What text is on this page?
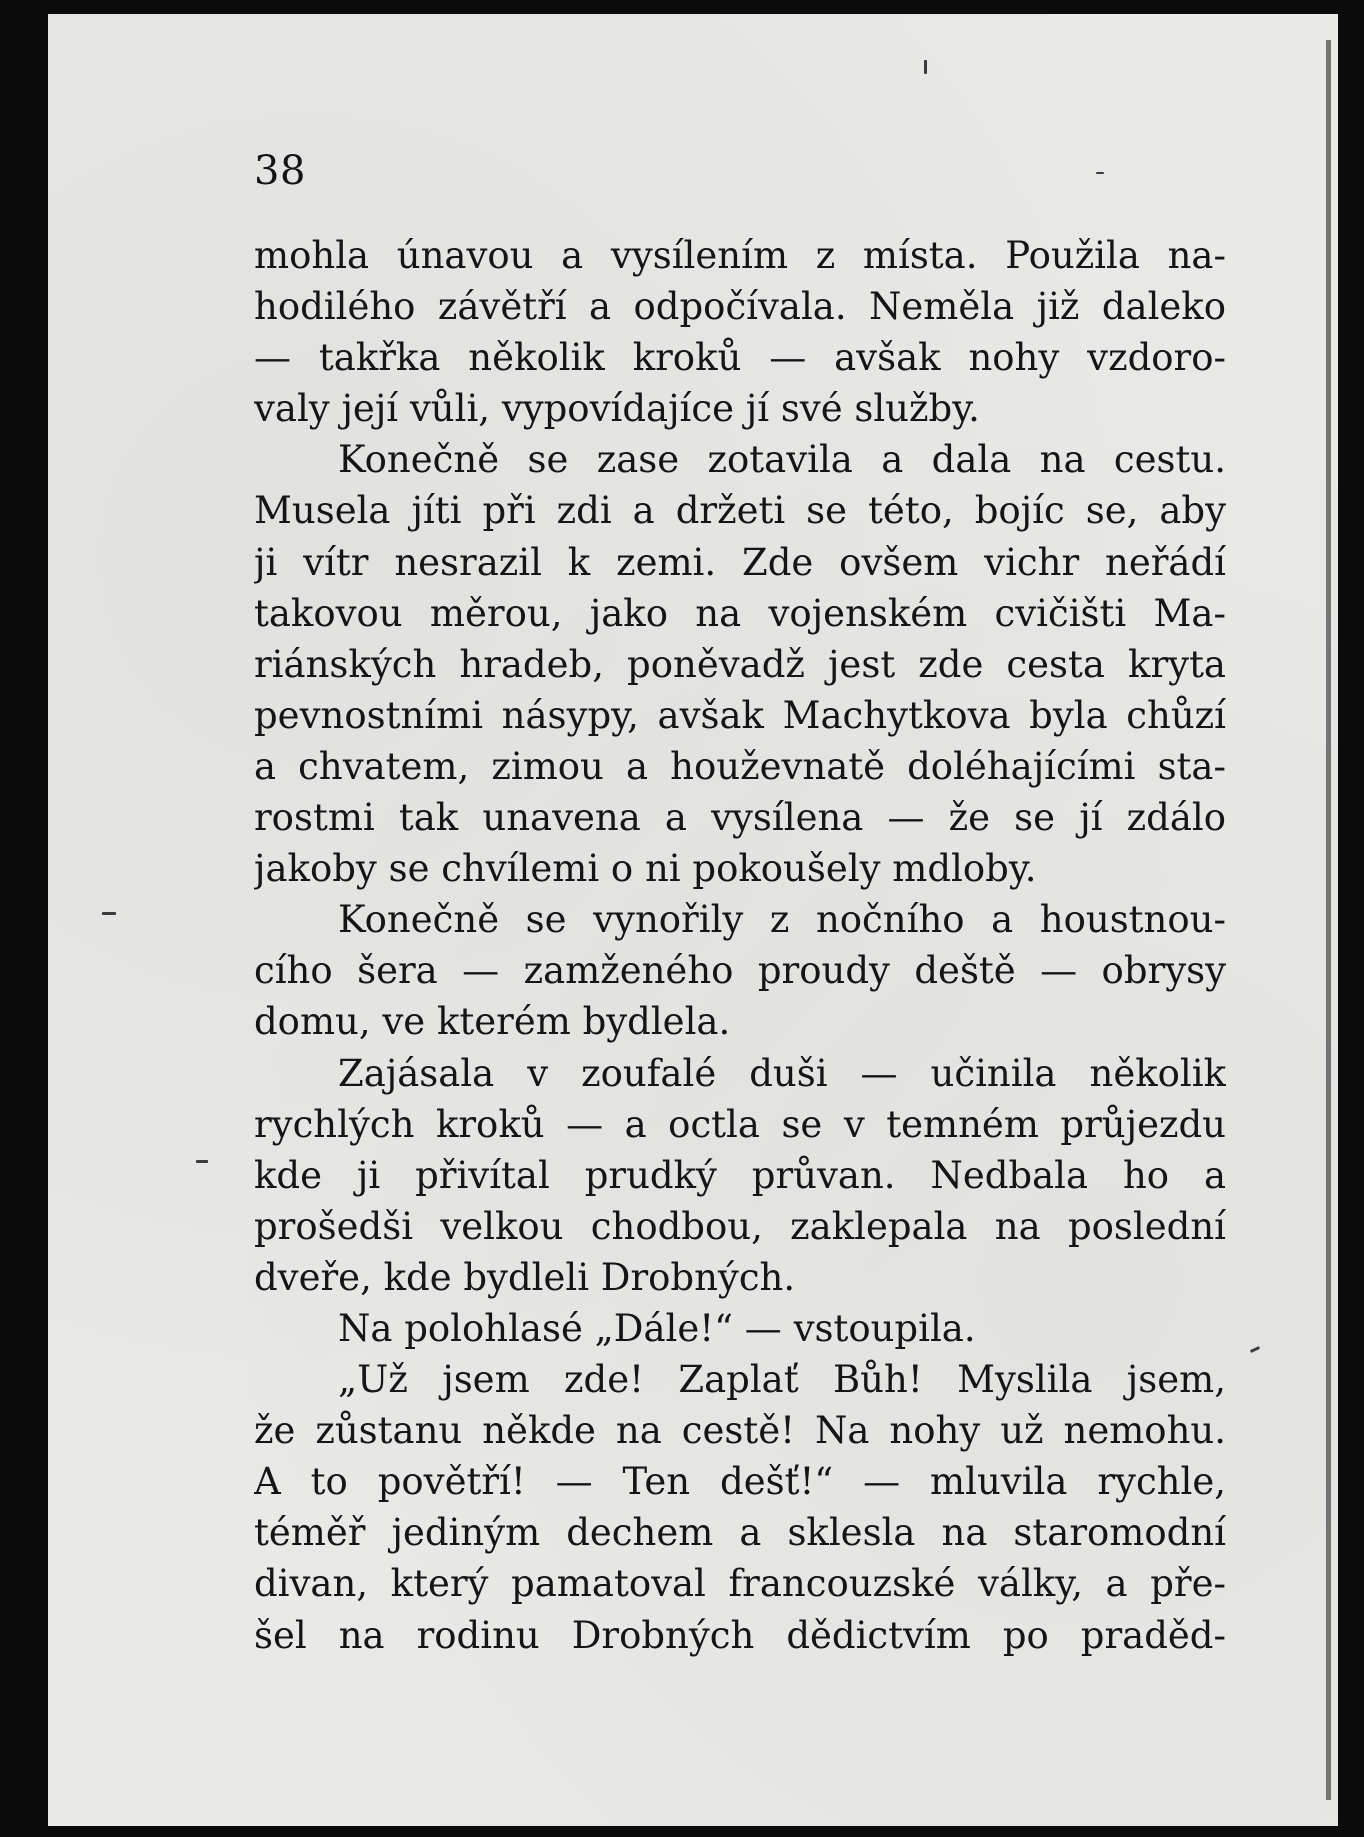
38
mohla únavou a vysílením z místa. Použila na-
hodilého závětří a odpočívala. Neměla již daleko
— takřka několik kroků — avšak nohy vzdoro-
valy její vůli, vypovídajíce jí své služby.
Konečně se zase zotavila a dala na cestu.
Musela jíti při zdi a držeti se této, bojíc se, aby
ji vítr nesrazil k zemi. Zde ovšem vichr neřádí
takovou měrou, jako na vojenském cvičišti Ma-
riánských hradeb, poněvadž jest zde cesta kryta
pevnostními násypy, avšak Machytkova byla chůzí
a chvatem, zimou a houževnatě doléhajícími sta-
rostmi tak unavena a vysílena — že se jí zdálo
jakoby se chvílemi o ni pokoušely mdloby.
Konečně se vynořily z nočního a houstnou-
cího šera — zamženého proudy deště — obrysy
domu, ve kterém bydlela.
Zajásala v zoufalé duši — učinila několik
rychlých kroků — a octla se v temném průjezdu
kde ji přivítal prudký průvan. Nedbala ho a
prošedši velkou chodbou, zaklepala na poslední
dveře, kde bydleli Drobných.
Na polohlasé „Dále!“ — vstoupila.
„Už jsem zde! Zaplať Bůh! Myslila jsem,
že zůstanu někde na cestě! Na nohy už nemohu.
A to povětří! — Ten dešť!“ — mluvila rychle,
téměř jediným dechem a sklesla na staromodní
divan, který pamatoval francouzské války, a pře-
šel na rodinu Drobných dědictvím po praděd-
